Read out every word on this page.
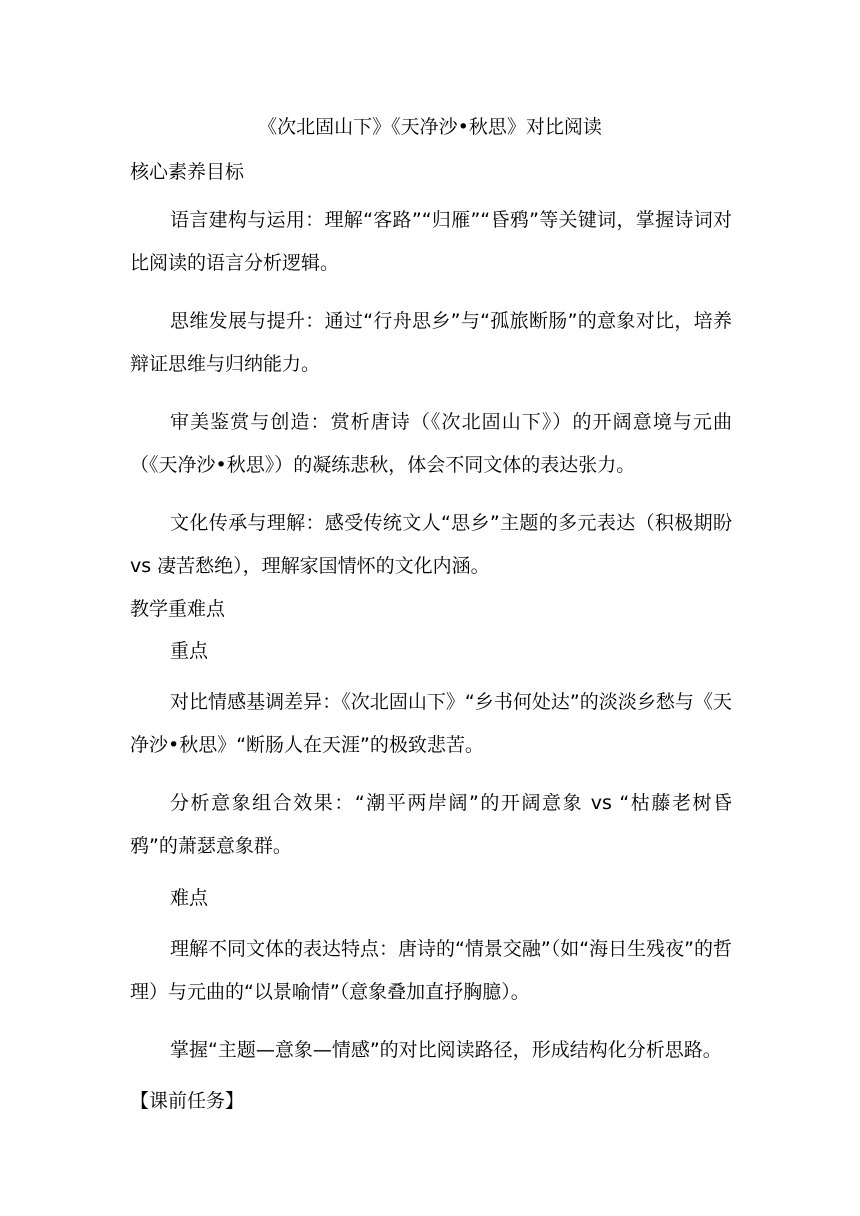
《次北固山下》《天净沙•秋思》对比阅读
核心素养目标

语言建构与运用：理解“客路”“归雁”“昏鸦”等关键词，掌握诗词对比阅读的语言分析逻辑。

思维发展与提升：通过“行舟思乡”与“孤旅断肠”的意象对比，培养辩证思维与归纳能力。

审美鉴赏与创造：赏析唐诗（《次北固山下》）的开阔意境与元曲（《天净沙•秋思》）的凝练悲秋，体会不同文体的表达张力。

文化传承与理解：感受传统文人“思乡”主题的多元表达（积极期盼 vs 凄苦愁绝），理解家国情怀的文化内涵。

教学重难点
重点

对比情感基调差异：《次北固山下》“乡书何处达”的淡淡乡愁与《天净沙•秋思》“断肠人在天涯”的极致悲苦。

分析意象组合效果：“潮平两岸阔”的开阔意象 vs “枯藤老树昏鸦”的萧瑟意象群。

难点

理解不同文体的表达特点：唐诗的“情景交融”（如“海日生残夜”的哲理）与元曲的“以景喻情”（意象叠加直抒胸臆）。

掌握“主题—意象—情感”的对比阅读路径，形成结构化分析思路。

【课前任务】
